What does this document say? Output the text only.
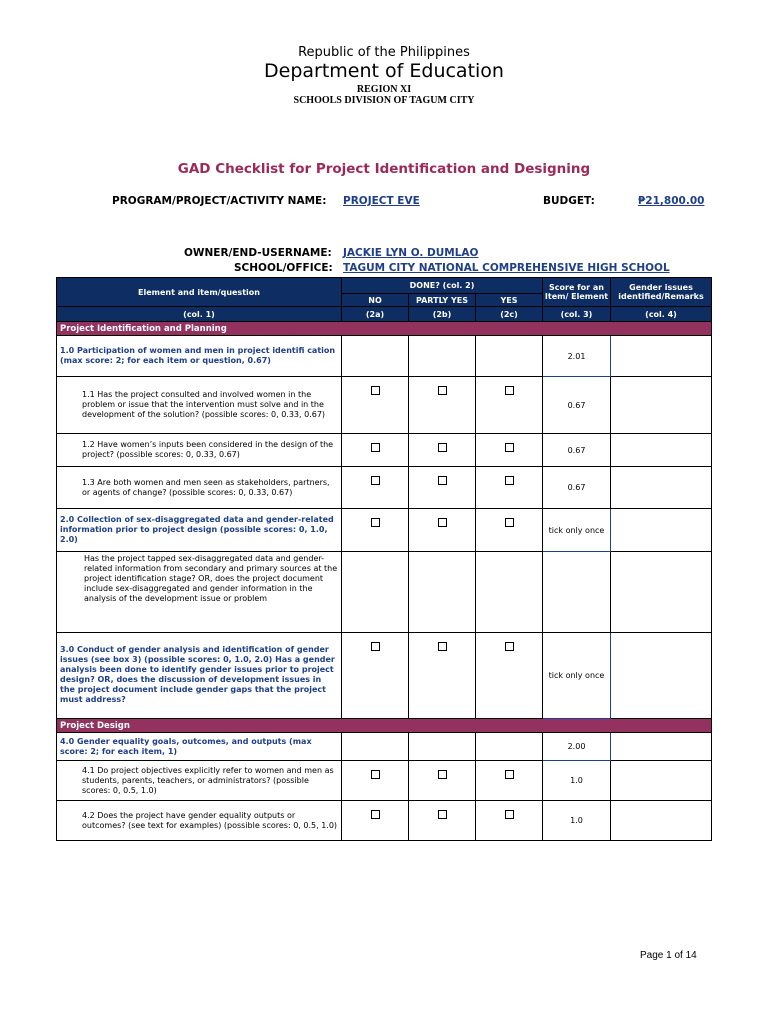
Republic of the Philippines
Department of Education
REGION XI
SCHOOLS DIVISION OF TAGUM CITY
GAD Checklist for Project Identification and Designing
PROGRAM/PROJECT/ACTIVITY NAME: PROJECT EVE	BUDGET:	₱21,800.00
OWNER/END-USERNAME: JACKIE LYN O. DUMLAO
SCHOOL/OFFICE: TAGUM CITY NATIONAL COMPREHENSIVE HIGH SCHOOL
Element and item/question	DONE? (col. 2)			Score for an Item/ Element	Gender issues identified/Remarks
	NO	PARTLY YES	YES		
(col. 1)	(2a)	(2b)	(2c)	(col. 3)	(col. 4)
Project Identification and Planning					
1.0 Participation of women and men in project identifi cation (max score: 2; for each item or question, 0.67)				2.01	
1.1 Has the project consulted and involved women in the problem or issue that the intervention must solve and in the development of the solution? (possible scores: 0, 0.33, 0.67)				0.67	
1.2 Have women’s inputs been considered in the design of the project? (possible scores: 0, 0.33, 0.67)				0.67	
1.3 Are both women and men seen as stakeholders, partners, or agents of change? (possible scores: 0, 0.33, 0.67)				0.67	
2.0 Collection of sex-disaggregated data and gender-related information prior to project design (possible scores: 0, 1.0, 2.0)				tick only once	
Has the project tapped sex-disaggregated data and gender-related information from secondary and primary sources at the project identification stage? OR, does the project document include sex-disaggregated and gender information in the analysis of the development issue or problem					
3.0 Conduct of gender analysis and identification of gender issues (see box 3) (possible scores: 0, 1.0, 2.0) Has a gender analysis been done to identify gender issues prior to project design? OR, does the discussion of development issues in the project document include gender gaps that the project must address?				tick only once	
Project Design					
4.0 Gender equality goals, outcomes, and outputs (max score: 2; for each item, 1)				2.00	
4.1 Do project objectives explicitly refer to women and men as students, parents, teachers, or administrators? (possible scores: 0, 0.5, 1.0)				1.0	
4.2 Does the project have gender equality outputs or outcomes? (see text for examples) (possible scores: 0, 0.5, 1.0)				1.0	
Page 1 of 14
